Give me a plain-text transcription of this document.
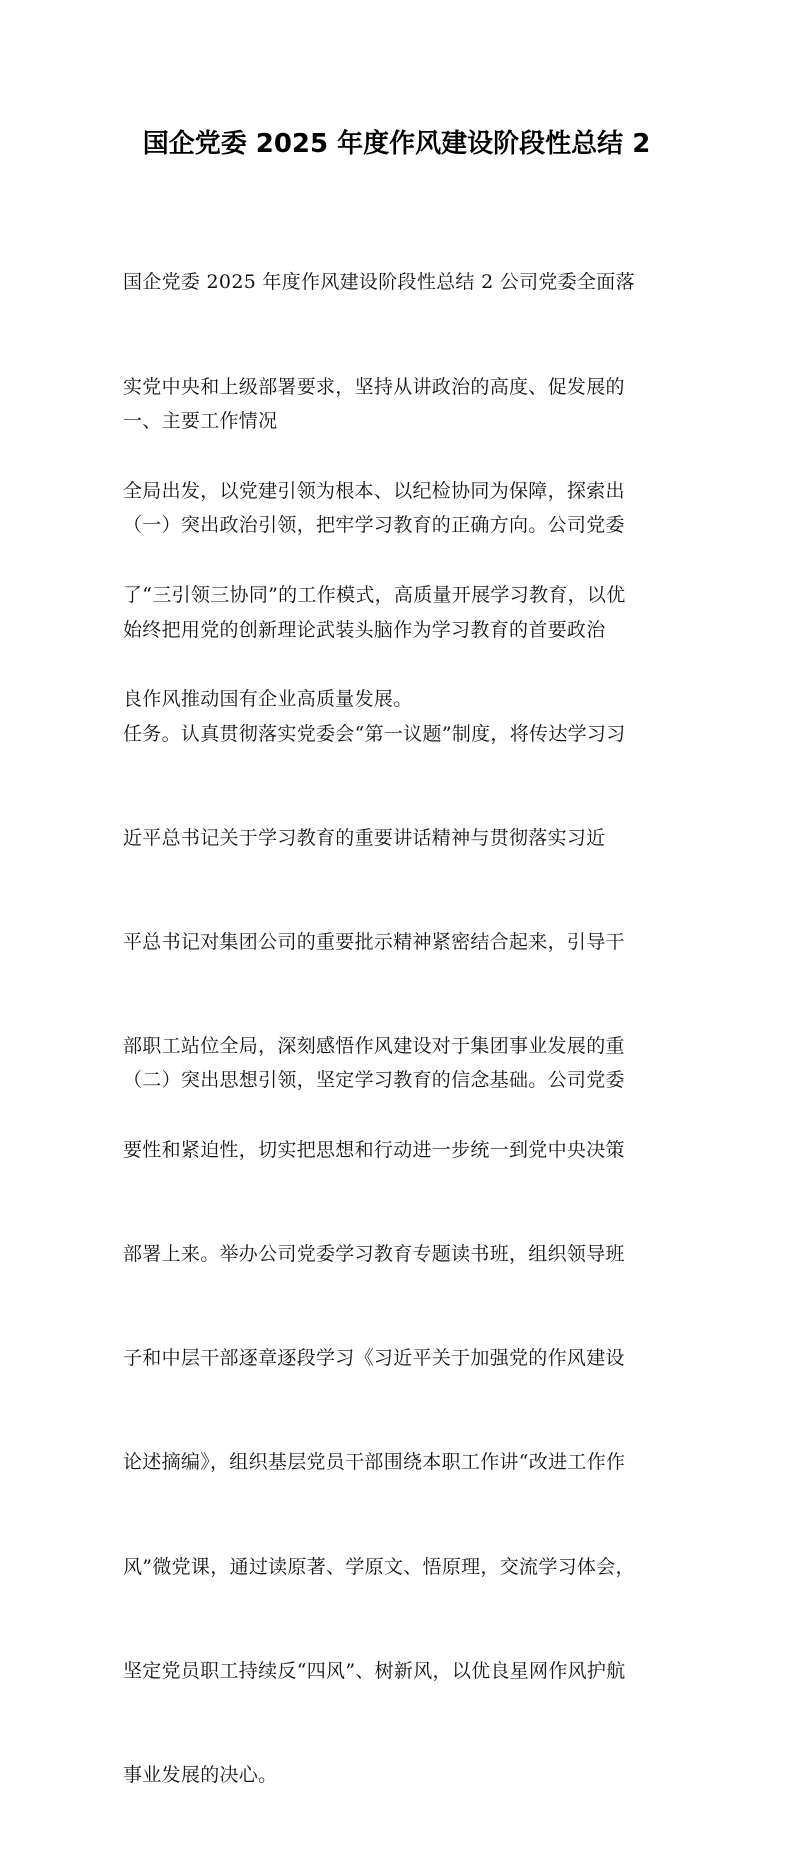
国企党委 2025 年度作风建设阶段性总结 2

国企党委 2025 年度作风建设阶段性总结 2 公司党委全面落

实党中央和上级部署要求，坚持从讲政治的高度、促发展的

全局出发，以党建引领为根本、以纪检协同为保障，探索出

了“三引领三协同”的工作模式，高质量开展学习教育，以优

良作风推动国有企业高质量发展。

一、主要工作情况

（一）突出政治引领，把牢学习教育的正确方向。公司党委

始终把用党的创新理论武装头脑作为学习教育的首要政治

任务。认真贯彻落实党委会“第一议题”制度，将传达学习习

近平总书记关于学习教育的重要讲话精神与贯彻落实习近

平总书记对集团公司的重要批示精神紧密结合起来，引导干

部职工站位全局，深刻感悟作风建设对于集团事业发展的重

要性和紧迫性，切实把思想和行动进一步统一到党中央决策

部署上来。举办公司党委学习教育专题读书班，组织领导班

子和中层干部逐章逐段学习《习近平关于加强党的作风建设

论述摘编》，组织基层党员干部围绕本职工作讲“改进工作作

风”微党课，通过读原著、学原文、悟原理，交流学习体会，

坚定党员职工持续反“四风”、树新风，以优良星网作风护航

事业发展的决心。

（二）突出思想引领，坚定学习教育的信念基础。公司党委
